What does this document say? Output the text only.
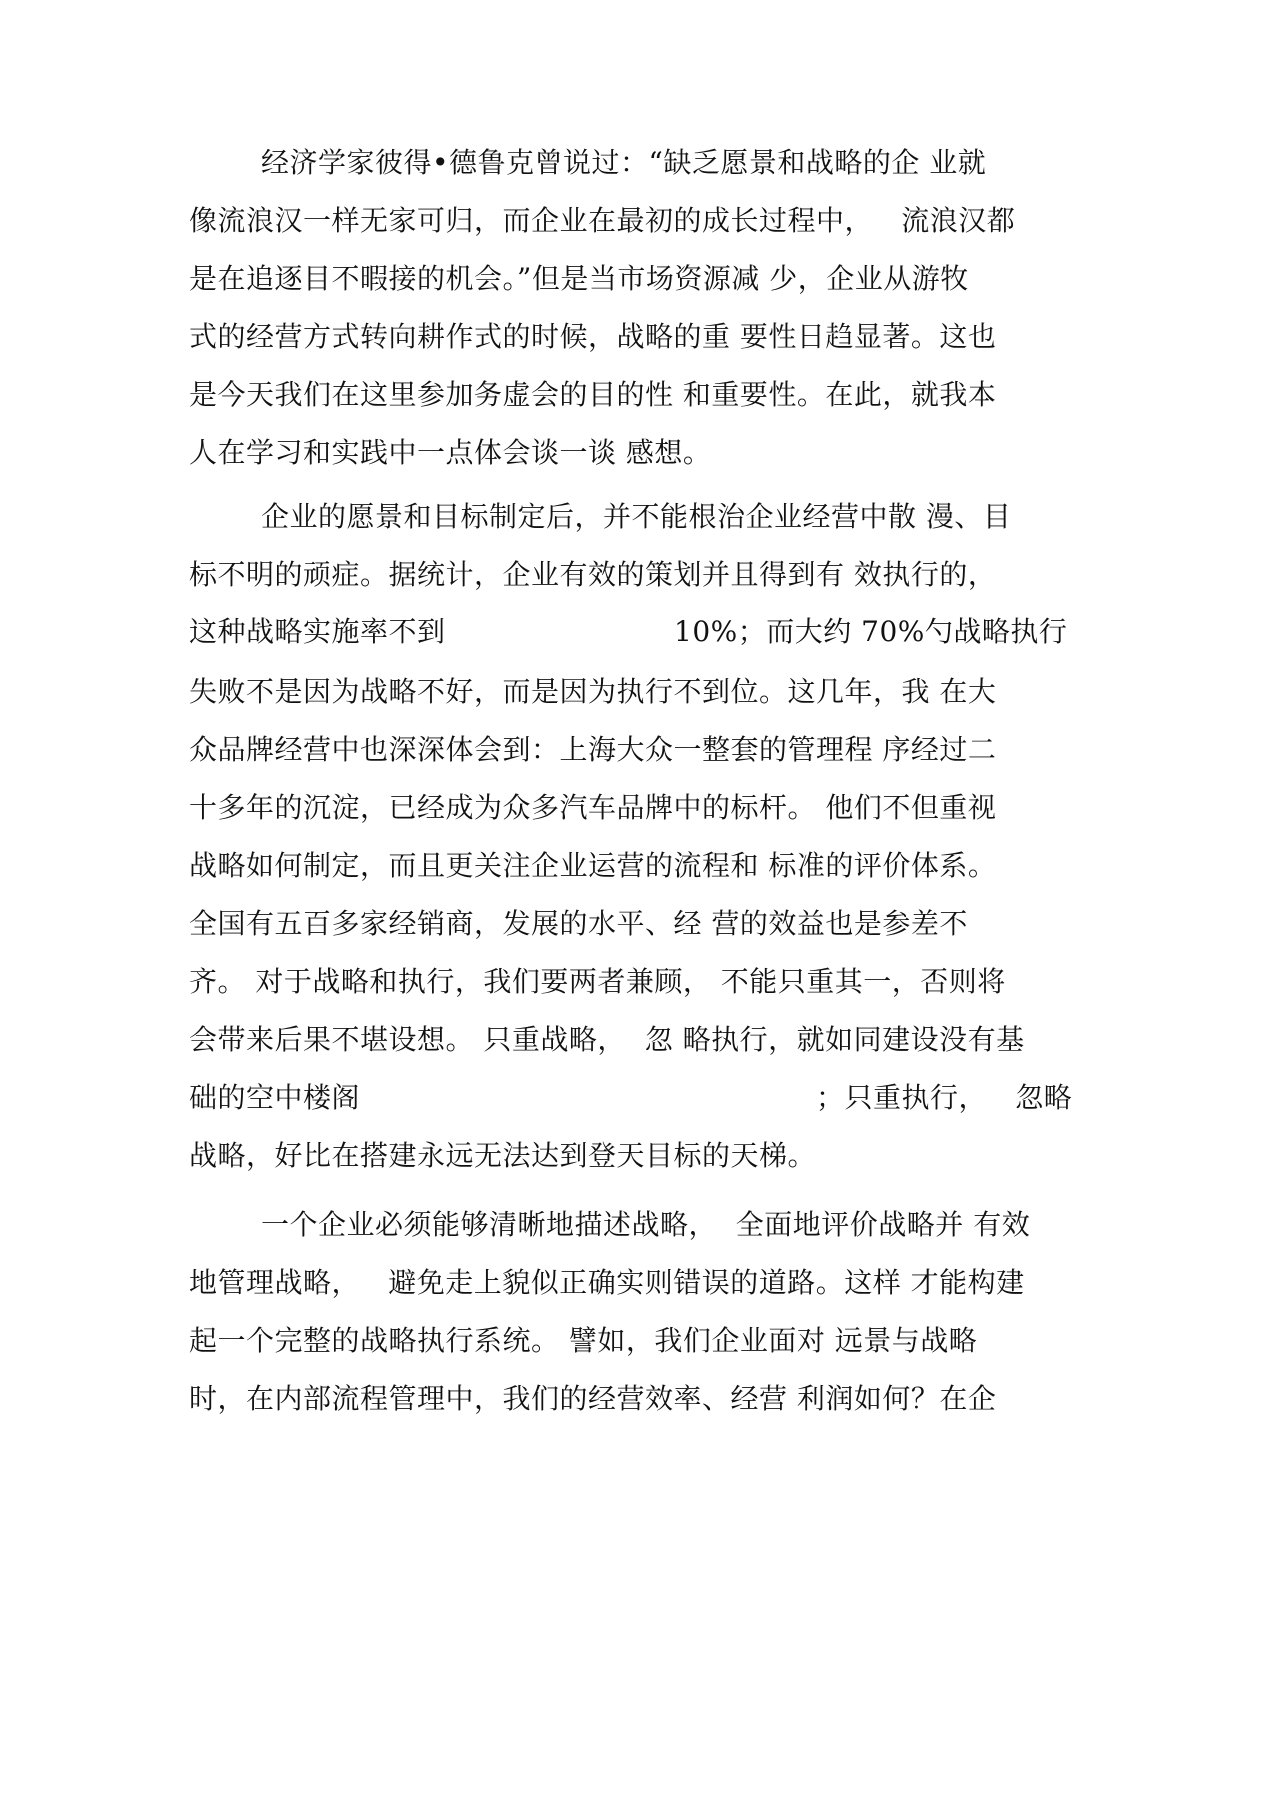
经济学家彼得•德鲁克曾说过：“缺乏愿景和战略的企 业就
像流浪汉一样无家可归，而企业在最初的成长过程中，   流浪汉都
是在追逐目不暇接的机会。”但是当市场资源减 少，企业从游牧
式的经营方式转向耕作式的时候，战略的重 要性日趋显著。这也
是今天我们在这里参加务虚会的目的性 和重要性。在此，就我本
人在学习和实践中一点体会谈一谈 感想。
企业的愿景和目标制定后，并不能根治企业经营中散 漫、目
标不明的顽症。据统计，企业有效的策划并且得到有 效执行的，

这种战略实施率不到

	10%；而大约 70%勺战略执行

失败不是因为战略不好，而是因为执行不到位。这几年，我 在大
众品牌经营中也深深体会到：上海大众一整套的管理程 序经过二
十多年的沉淀，已经成为众多汽车品牌中的标杆。 他们不但重视
战略如何制定，而且更关注企业运营的流程和 标准的评价体系。
全国有五百多家经销商，发展的水平、经 营的效益也是参差不
齐。 对于战略和执行，我们要两者兼顾， 不能只重其一，否则将
会带来后果不堪设想。 只重战略，  忽 略执行，就如同建设没有基

础的空中楼阁

	；只重执行，   忽略

战略，好比在搭建永远无法达到登天目标的天梯。
一个企业必须能够清晰地描述战略，  全面地评价战略并 有效
地管理战略，   避免走上貌似正确实则错误的道路。这样 才能构建
起一个完整的战略执行系统。 譬如，我们企业面对 远景与战略
时，在内部流程管理中，我们的经营效率、经营 利润如何？在企
